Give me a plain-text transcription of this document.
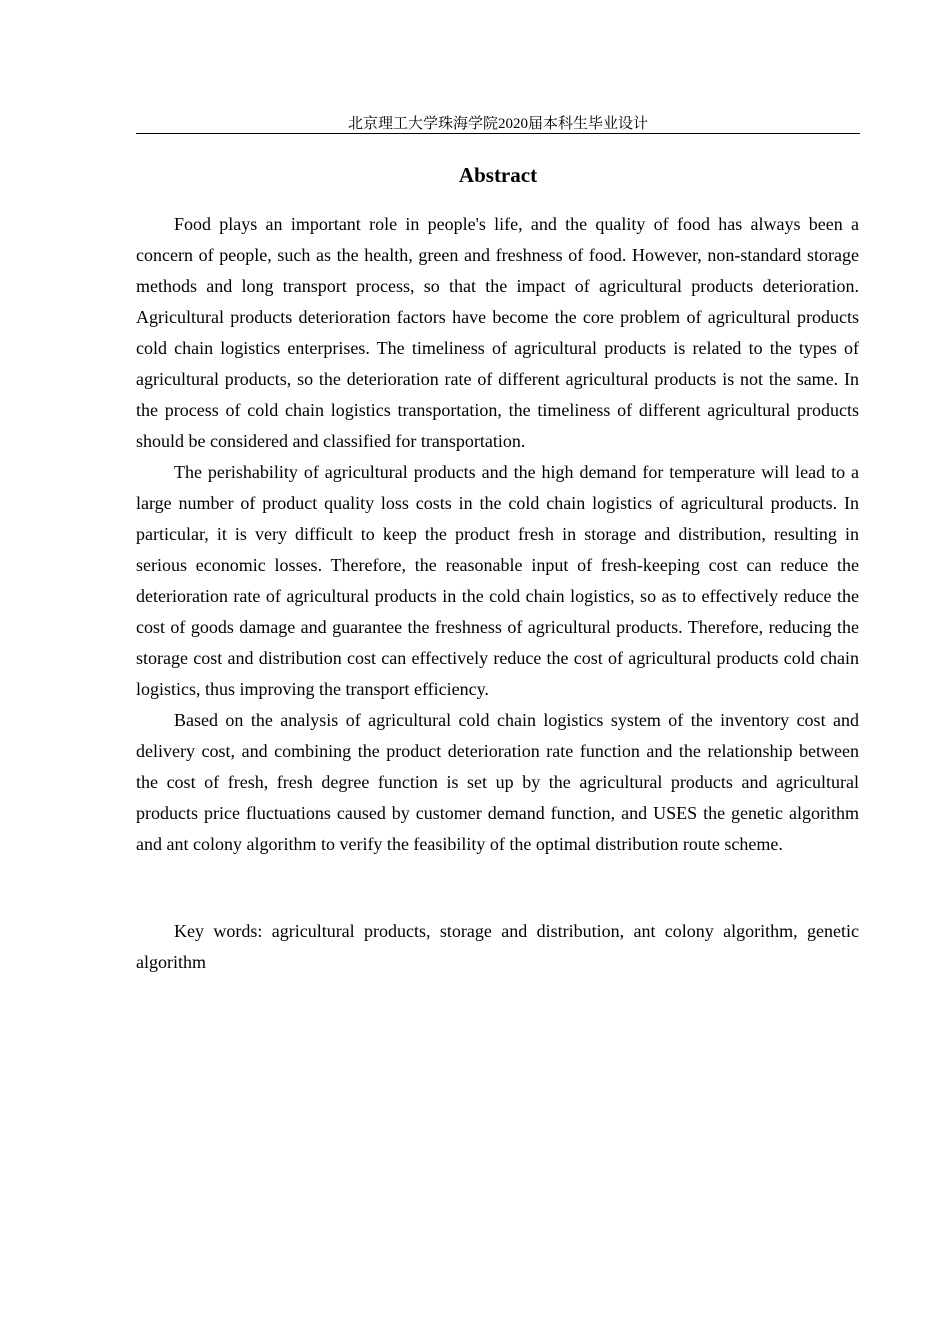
北京理工大学珠海学院2020届本科生毕业设计
Abstract

Food plays an important role in people's life, and the quality of food has always been a concern of people, such as the health, green and freshness of food. However, non-standard storage methods and long transport process, so that the impact of agricultural products deterioration. Agricultural products deterioration factors have become the core problem of agricultural products cold chain logistics enterprises. The timeliness of agricultural products is related to the types of agricultural products, so the deterioration rate of different agricultural products is not the same. In the process of cold chain logistics transportation, the timeliness of different agricultural products should be considered and classified for transportation.

The perishability of agricultural products and the high demand for temperature will lead to a large number of product quality loss costs in the cold chain logistics of agricultural products. In particular, it is very difficult to keep the product fresh in storage and distribution, resulting in serious economic losses. Therefore, the reasonable input of fresh-keeping cost can reduce the deterioration rate of agricultural products in the cold chain logistics, so as to effectively reduce the cost of goods damage and guarantee the freshness of agricultural products. Therefore, reducing the storage cost and distribution cost can effectively reduce the cost of agricultural products cold chain logistics, thus improving the transport efficiency.

Based on the analysis of agricultural cold chain logistics system of the inventory cost and delivery cost, and combining the product deterioration rate function and the relationship between the cost of fresh, fresh degree function is set up by the agricultural products and agricultural products price fluctuations caused by customer demand function, and USES the genetic algorithm and ant colony algorithm to verify the feasibility of the optimal distribution route scheme.

Key words: agricultural products, storage and distribution, ant colony algorithm, genetic algorithm
